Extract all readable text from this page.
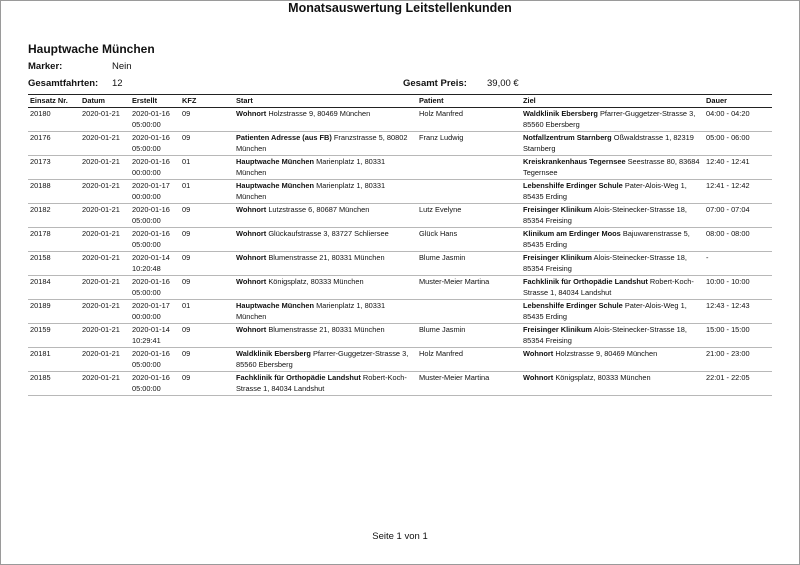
Monatsauswertung Leitstellenkunden
Hauptwache München
Marker:	Nein
Gesamtfahrten: 12	Gesamt Preis: 39,00 €
Einsatz Nr.	Datum	Erstellt	KFZ	Start	Patient	Ziel	Dauer
20180	2020-01-21	2020-01-16
05:00:00	09	Wohnort Holzstrasse 9, 80469 München	Holz Manfred	Waldklinik Ebersberg Pfarrer-Guggetzer-Strasse 3, 85560 Ebersberg	04:00 - 04:20
20176	2020-01-21	2020-01-16
05:00:00	09	Patienten Adresse (aus FB) Franzstrasse 5, 80802 München	Franz Ludwig	Notfallzentrum Starnberg Oßwaldstrasse 1, 82319 Starnberg	05:00 - 06:00
20173	2020-01-21	2020-01-16
00:00:00	01	Hauptwache München Marienplatz 1, 80331 München		Kreiskrankenhaus Tegernsee Seestrasse 80, 83684 Tegernsee	12:40 - 12:41
20188	2020-01-21	2020-01-17
00:00:00	01	Hauptwache München Marienplatz 1, 80331 München		Lebenshilfe Erdinger Schule Pater-Alois-Weg 1, 85435 Erding	12:41 - 12:42
20182	2020-01-21	2020-01-16
05:00:00	09	Wohnort Lutzstrasse 6, 80687 München	Lutz Evelyne	Freisinger Klinikum Alois-Steinecker-Strasse 18, 85354 Freising	07:00 - 07:04
20178	2020-01-21	2020-01-16
05:00:00	09	Wohnort Glückaufstrasse 3, 83727 Schliersee	Glück Hans	Klinikum am Erdinger Moos Bajuwarenstrasse 5, 85435 Erding	08:00 - 08:00
20158	2020-01-21	2020-01-14
10:20:48	09	Wohnort Blumenstrasse 21, 80331 München	Blume Jasmin	Freisinger Klinikum Alois-Steinecker-Strasse 18, 85354 Freising	-
20184	2020-01-21	2020-01-16
05:00:00	09	Wohnort Königsplatz, 80333 München	Muster-Meier Martina	Fachklinik für Orthopädie Landshut Robert-Koch-Strasse 1, 84034 Landshut	10:00 - 10:00
20189	2020-01-21	2020-01-17
00:00:00	01	Hauptwache München Marienplatz 1, 80331 München		Lebenshilfe Erdinger Schule Pater-Alois-Weg 1, 85435 Erding	12:43 - 12:43
20159	2020-01-21	2020-01-14
10:29:41	09	Wohnort Blumenstrasse 21, 80331 München	Blume Jasmin	Freisinger Klinikum Alois-Steinecker-Strasse 18, 85354 Freising	15:00 - 15:00
20181	2020-01-21	2020-01-16
05:00:00	09	Waldklinik Ebersberg Pfarrer-Guggetzer-Strasse 3, 85560 Ebersberg	Holz Manfred	Wohnort Holzstrasse 9, 80469 München	21:00 - 23:00
20185	2020-01-21	2020-01-16
05:00:00	09	Fachklinik für Orthopädie Landshut Robert-Koch-Strasse 1, 84034 Landshut	Muster-Meier Martina	Wohnort Königsplatz, 80333 München	22:01 - 22:05
Seite 1 von 1
